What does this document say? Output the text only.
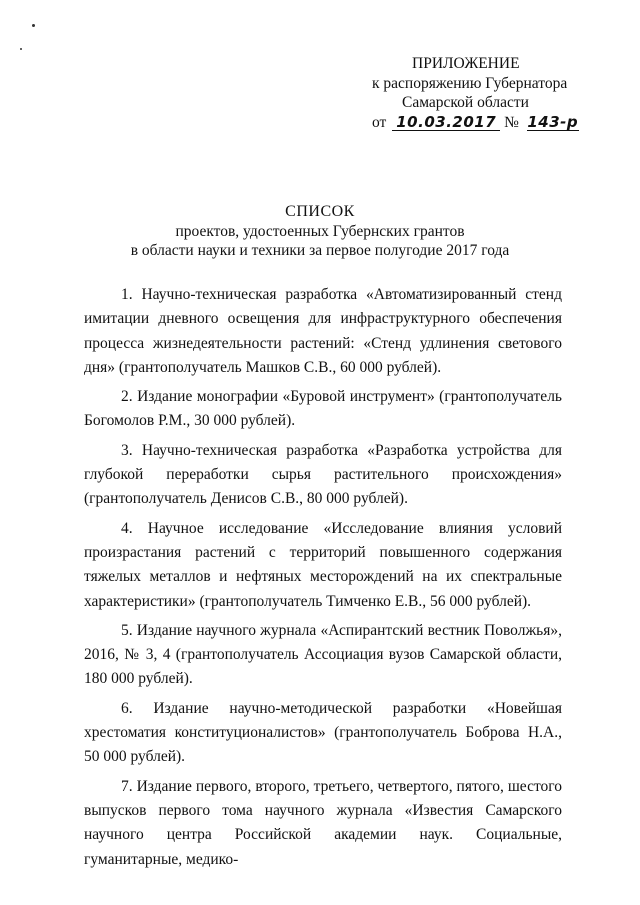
ПРИЛОЖЕНИЕ
к распоряжению Губернатора
Самарской области
от 10.03.2017 № 143-р
СПИСОК
проектов, удостоенных Губернских грантов
в области науки и техники за первое полугодие 2017 года

1. Научно-техническая разработка «Автоматизированный стенд имитации дневного освещения для инфраструктурного обеспечения процесса жизнедеятельности растений: «Стенд удлинения светового дня» (грантополучатель Машков С.В., 60 000 рублей).

2. Издание монографии «Буровой инструмент» (грантополучатель Богомолов Р.М., 30 000 рублей).

3. Научно-техническая разработка «Разработка устройства для глубокой переработки сырья растительного происхождения» (грантополучатель Денисов С.В., 80 000 рублей).

4. Научное исследование «Исследование влияния условий произрастания растений с территорий повышенного содержания тяжелых металлов и нефтяных месторождений на их спектральные характеристики» (грантополучатель Тимченко Е.В., 56 000 рублей).

5. Издание научного журнала «Аспирантский вестник Поволжья», 2016, № 3, 4 (грантополучатель Ассоциация вузов Самарской области, 180 000 рублей).

6. Издание научно-методической разработки «Новейшая хрестоматия конституционалистов» (грантополучатель Боброва Н.А., 50 000 рублей).

7. Издание первого, второго, третьего, четвертого, пятого, шестого выпусков первого тома научного журнала «Известия Самарского научного центра Российской академии наук. Социальные, гуманитарные, медико-
